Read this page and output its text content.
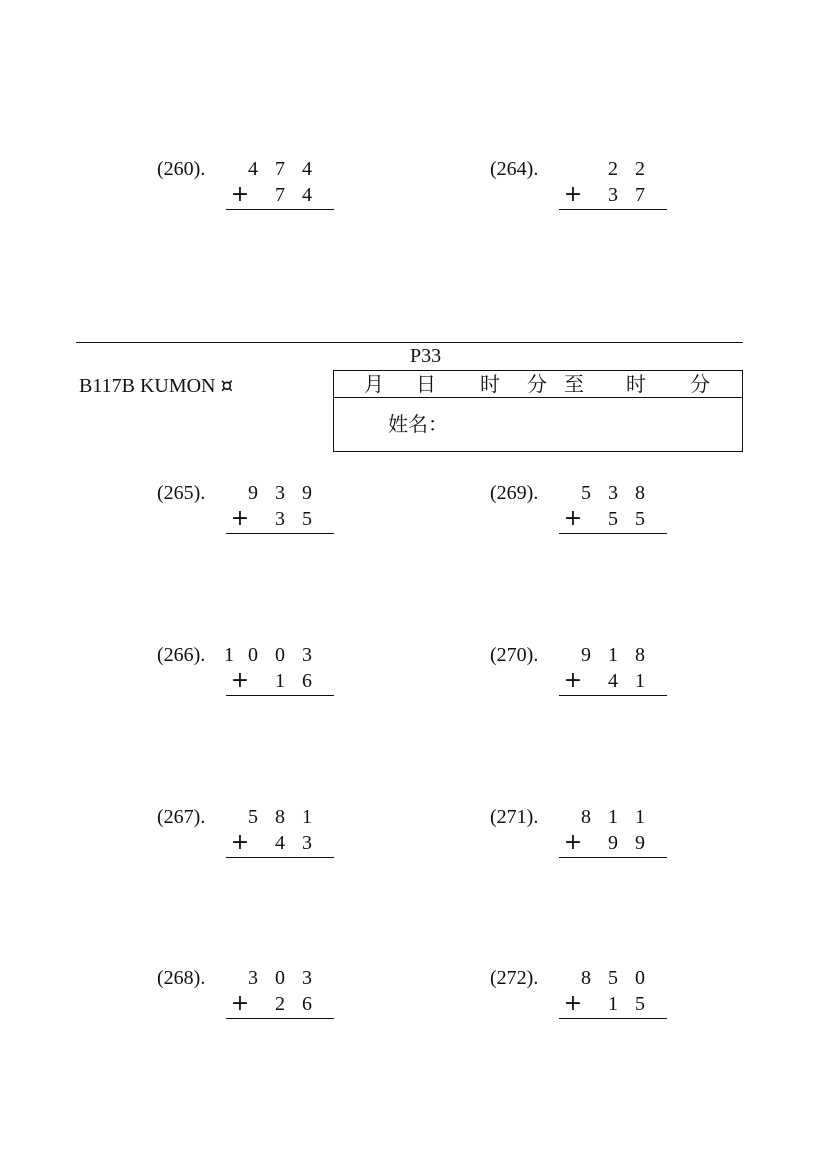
(260).	4 7 4
+	7 4
(264).	2 2
+	3 7
P33
B117B KUMON ¤	月 日 时 分 至 时 分
姓名：
(265).	9 3 9
+	3 5
(269).	5 3 8
+	5 5
(266). 1 0 0 3
+	1 6
(270).	9 1 8
+	4 1
(267).	5 8 1
+	4 3
(271).	8 1 1
+	9 9
(268).	3 0 3
+	2 6
(272).	8 5 0
+	1 5
